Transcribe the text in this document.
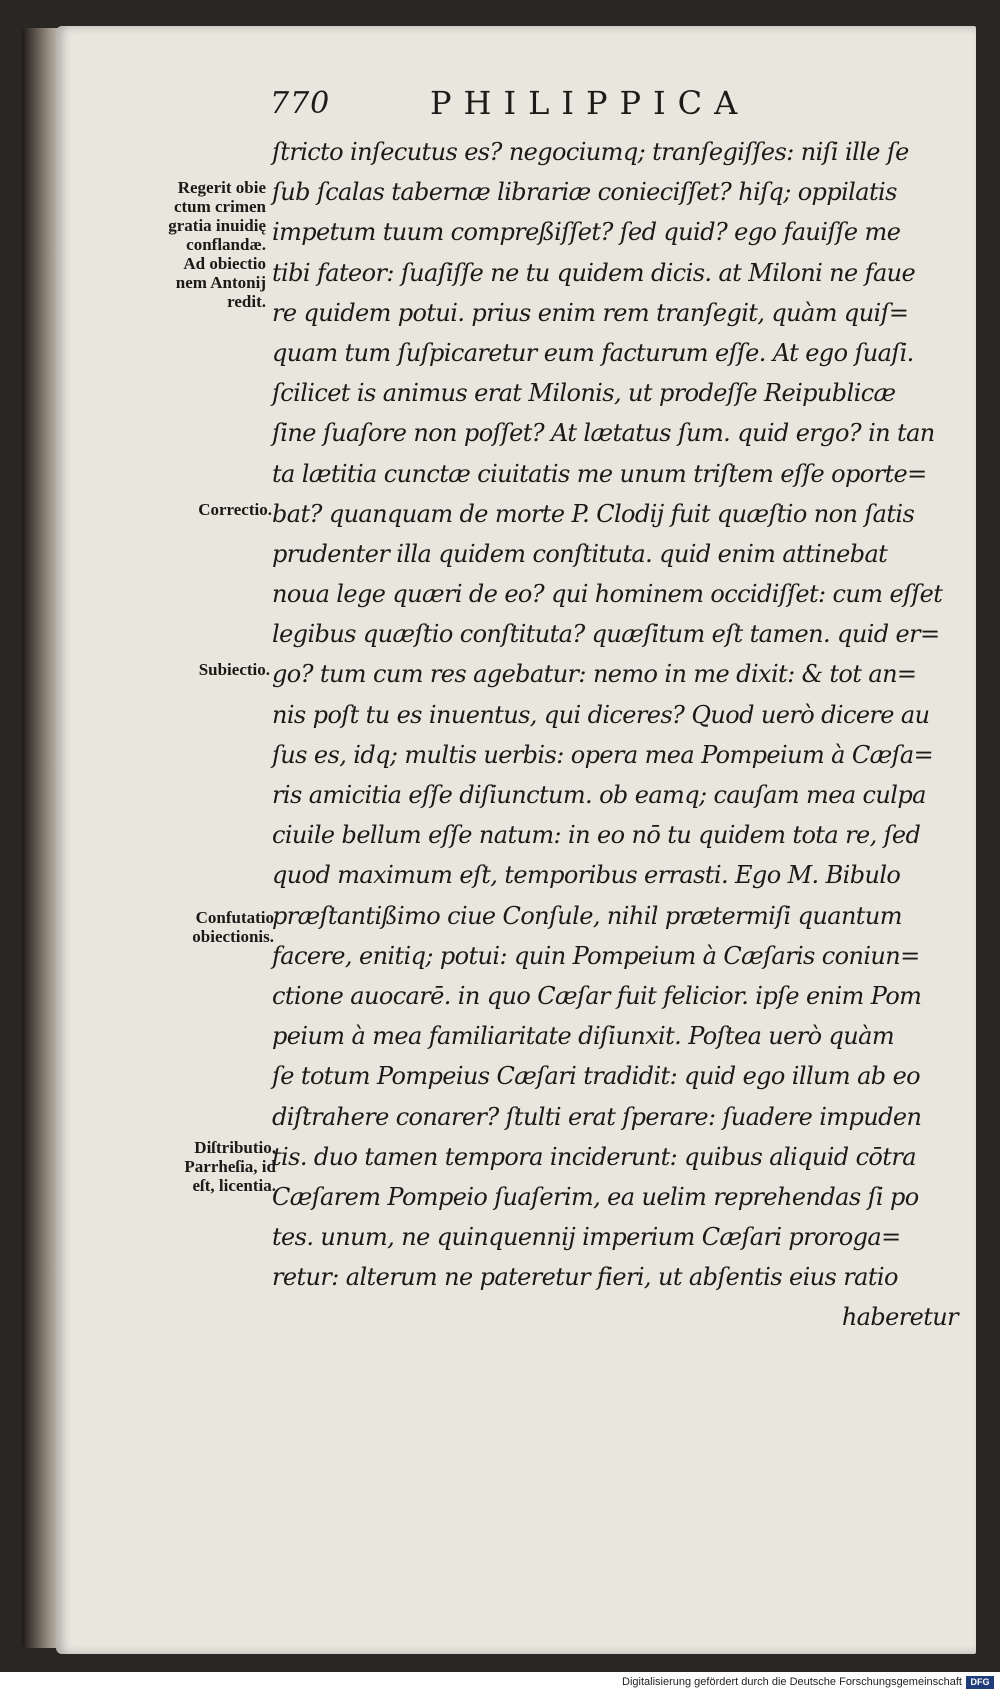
770	PHILIPPICA
ſtricto inſecutus es? negociumq; tranſegiſſes: niſi ille ſe
ſub ſcalas tabernæ librariæ conieciſſet? hiſq; oppilatis
impetum tuum compreßiſſet? ſed quid? ego fauiſſe me
tibi fateor: ſuaſiſſe ne tu quidem dicis. at Miloni ne faue
re quidem potui. prius enim rem tranſegit, quàm quiſ=
quam tum ſuſpicaretur eum facturum eſſe. At ego ſuaſi.
ſcilicet is animus erat Milonis, ut prodeſſe Reipublicæ
ſine ſuaſore non poſſet? At lætatus ſum. quid ergo? in tan
ta lætitia cunctæ ciuitatis me unum triſtem eſſe oporte=
bat? quanquam de morte P. Clodij fuit quæſtio non ſatis
prudenter illa quidem conſtituta. quid enim attinebat
noua lege quæri de eo? qui hominem occidiſſet: cum eſſet
legibus quæſtio conſtituta? quæſitum eſt tamen. quid er=
go? tum cum res agebatur: nemo in me dixit: & tot an=
nis poſt tu es inuentus, qui diceres? Quod uerò dicere au
ſus es, idq; multis uerbis: opera mea Pompeium à Cæſa=
ris amicitia eſſe diſiunctum. ob eamq; cauſam mea culpa
ciuile bellum eſſe natum: in eo nō tu quidem tota re, ſed
quod maximum eſt, temporibus errasti. Ego M. Bibulo
præſtantißimo ciue Conſule, nihil prætermiſi quantum
facere, enitiq; potui: quin Pompeium à Cæſaris coniun=
ctione auocarē. in quo Cæſar fuit felicior. ipſe enim Pom
peium à mea familiaritate diſiunxit. Poſtea uerò quàm
ſe totum Pompeius Cæſari tradidit: quid ego illum ab eo
diſtrahere conarer? ſtulti erat ſperare: ſuadere impuden
tis. duo tamen tempora inciderunt: quibus aliquid cōtra
Cæſarem Pompeio ſuaſerim, ea uelim reprehendas ſi po
tes. unum, ne quinquennij imperium Cæſari proroga=
retur: alterum ne pateretur fieri, ut abſentis eius ratio
haberetur
Regerit obie
ctum crimen
gratia inuidię
conflandæ.
Ad obiectio
nem Antonij
redit.
Correctio.
Subiectio.
Confutatio
obiectionis.
Diſtributio.
Parrheſia, id
eſt, licentia.
Digitalisierung gefördert durch die Deutsche Forschungsgemeinschaft DFG
